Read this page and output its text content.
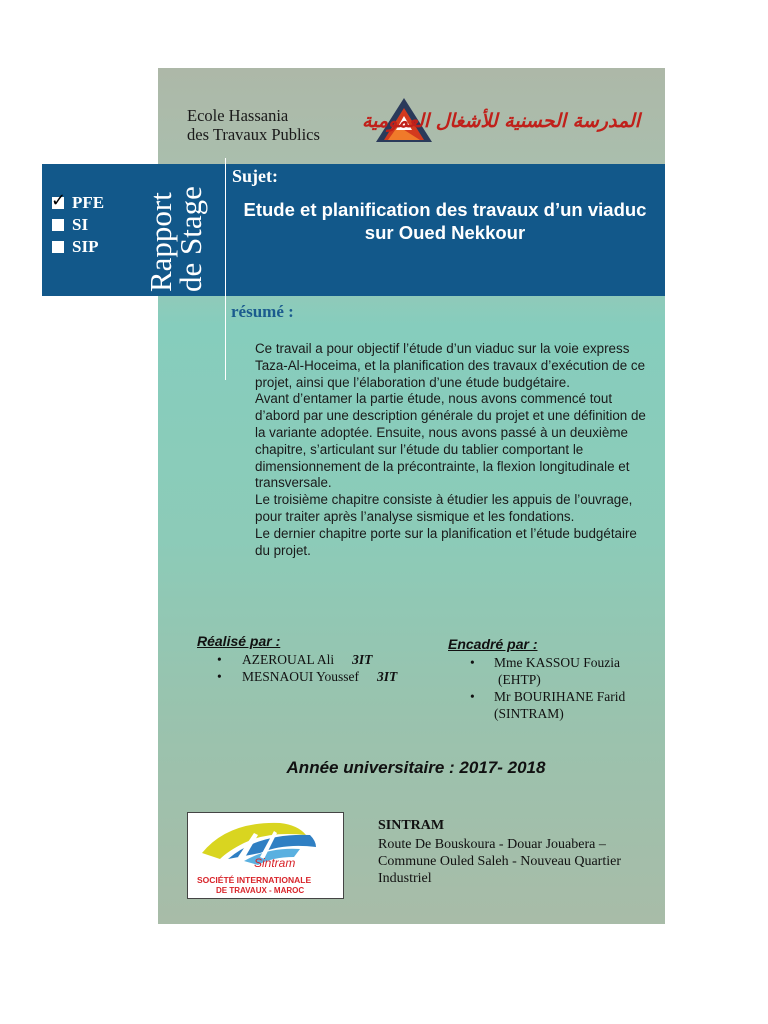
Ecole Hassania
des Travaux Publics
المدرسة الحسنية للأشغال العمومية
✓
PFE
SI
SIP Rapport de Stage
Sujet:
Etude et planification des travaux d’un viaduc sur Oued Nekkour
résumé :

Ce travail a pour objectif l’étude d’un viaduc sur la voie express Taza-Al-Hoceima, et la planification des travaux d’exécution de ce projet, ainsi que l’élaboration d’une étude budgétaire.

Avant d’entamer la partie étude, nous avons commencé tout d’abord par une description générale du projet et une définition de la variante adoptée. Ensuite, nous avons passé à un deuxième chapitre, s’articulant sur l’étude du tablier comportant le dimensionnement de la précontrainte, la flexion longitudinale et transversale.

Le troisième chapitre consiste à étudier les appuis de l’ouvrage, pour traiter après l’analyse sismique et les fondations.

Le dernier chapitre porte sur la planification et l’étude budgétaire du projet.

Réalisé par :
• AZEROUAL Ali 3IT
• MESNAOUI Youssef 3IT
Encadré par :
• Mme KASSOU Fouzia
(EHTP)
• Mr BOURIHANE Farid
(SINTRAM)
Année universitaire : 2017- 2018
Sintram
SOCIÉTÉ INTERNATIONALE
DE TRAVAUX - MAROC
SINTRAM
Route De Bouskoura - Douar Jouabera – Commune Ouled Saleh - Nouveau Quartier Industriel
